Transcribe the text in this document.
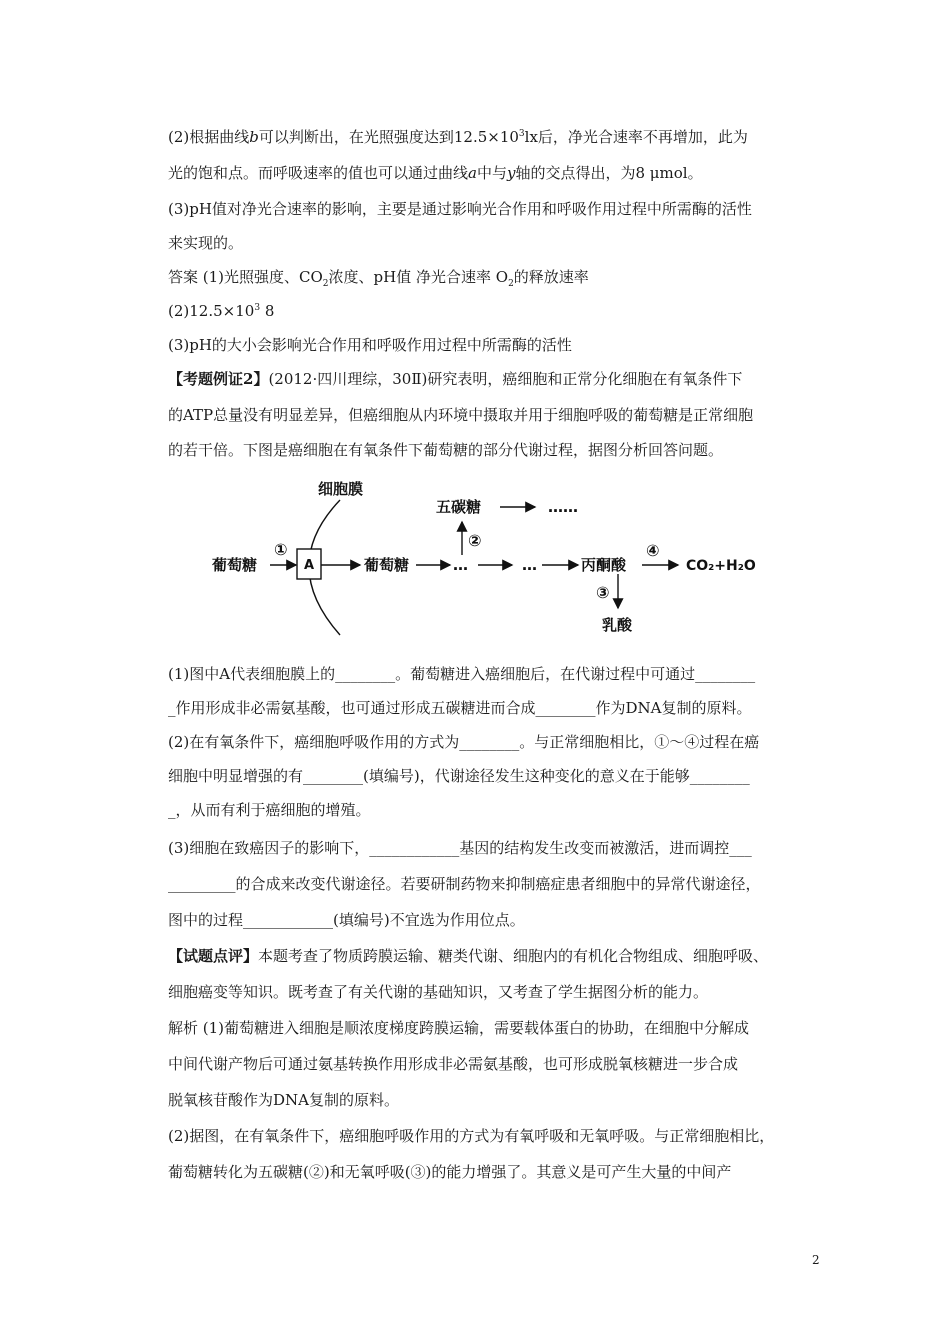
(2)根据曲线b可以判断出，在光照强度达到$12.5\times 10^3lx$后，净光合速率不再增加，此为
光的饱和点。而呼吸速率的值也可以通过曲线a中与y轴的交点得出，为8 μmol。
(3)pH值对净光合速率的影响，主要是通过影响光合作用和呼吸作用过程中所需酶的活性
来实现的。
答案 (1)光照强度、$CO_2$浓度、pH值 净光合速率 $O_2$的释放速率
$(2)12.5\times 10^3$ 8
(3)pH的大小会影响光合作用和呼吸作用过程中所需酶的活性
【考题例证2】(2012·四川理综，30Ⅱ)研究表明，癌细胞和正常分化细胞在有氧条件下
的ATP总量没有明显差异，但癌细胞从内环境中摄取并用于细胞呼吸的葡萄糖是正常细胞
的若干倍。下图是癌细胞在有氧条件下葡萄糖的部分代谢过程，据图分析回答问题。
细胞膜
葡萄糖
①
A	葡萄糖	…
②
五碳糖	……
…	丙酮酸
④
CO₂+H₂O
③
乳酸
(1)图中A代表细胞膜上的________。葡萄糖进入癌细胞后，在代谢过程中可通过________
_作用形成非必需氨基酸，也可通过形成五碳糖进而合成________作为DNA复制的原料。
(2)在有氧条件下，癌细胞呼吸作用的方式为________。与正常细胞相比，①～④过程在癌
细胞中明显增强的有________(填编号)，代谢途径发生这种变化的意义在于能够________
_，从而有利于癌细胞的增殖。
(3)细胞在致癌因子的影响下，____________基因的结构发生改变而被激活，进而调控___
_________的合成来改变代谢途径。若要研制药物来抑制癌症患者细胞中的异常代谢途径，
图中的过程____________(填编号)不宜选为作用位点。
【试题点评】本题考查了物质跨膜运输、糖类代谢、细胞内的有机化合物组成、细胞呼吸、
细胞癌变等知识。既考查了有关代谢的基础知识，又考查了学生据图分析的能力。
解析 (1)葡萄糖进入细胞是顺浓度梯度跨膜运输，需要载体蛋白的协助，在细胞中分解成
中间代谢产物后可通过氨基转换作用形成非必需氨基酸，也可形成脱氧核糖进一步合成
脱氧核苷酸作为DNA复制的原料。
(2)据图，在有氧条件下，癌细胞呼吸作用的方式为有氧呼吸和无氧呼吸。与正常细胞相比，
葡萄糖转化为五碳糖(②)和无氧呼吸(③)的能力增强了。其意义是可产生大量的中间产
2
